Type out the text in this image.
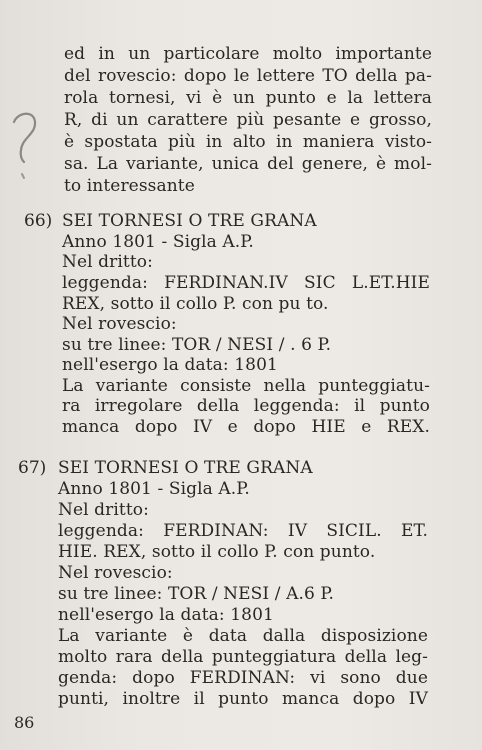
ed in un particolare molto importante
del rovescio: dopo le lettere TO della pa-
rola tornesi, vi è un punto e la lettera
R, di un carattere più pesante e grosso,
è spostata più in alto in maniera visto-
sa. La variante, unica del genere, è mol-
to interessante
66) SEI TORNESI O TRE GRANA
Anno 1801 - Sigla A.P.
Nel dritto:
leggenda: FERDINAN.IV SIC L.ET.HIE
REX, sotto il collo P. con pu to.
Nel rovescio:
su tre linee: TOR / NESI / . 6 P.
nell'esergo la data: 1801
La variante consiste nella punteggiatu-
ra irregolare della leggenda: il punto
manca dopo IV e dopo HIE e REX.
67) SEI TORNESI O TRE GRANA
Anno 1801 - Sigla A.P.
Nel dritto:
leggenda: FERDINAN: IV SICIL. ET.
HIE. REX, sotto il collo P. con punto.
Nel rovescio:
su tre linee: TOR / NESI / A.6 P.
nell'esergo la data: 1801
La variante è data dalla disposizione
molto rara della punteggiatura della leg-
genda: dopo FERDINAN: vi sono due
punti, inoltre il punto manca dopo IV
86
